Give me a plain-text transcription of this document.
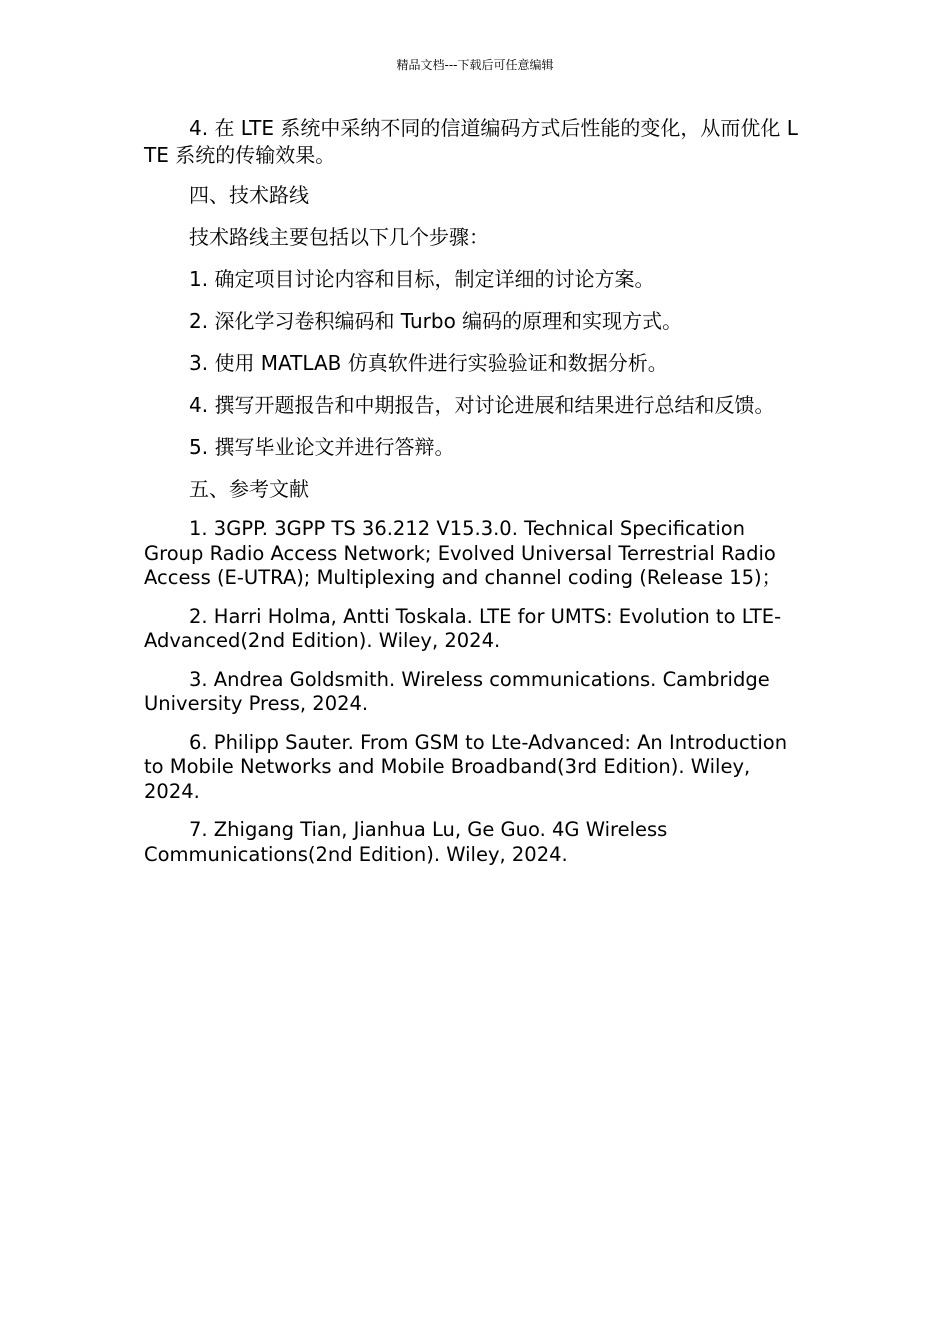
精品文档---下载后可任意编辑

4. 在 LTE 系统中采纳不同的信道编码方式后性能的变化，从而优化 LTE 系统的传输效果。

四、技术路线

技术路线主要包括以下几个步骤：

1. 确定项目讨论内容和目标，制定详细的讨论方案。

2. 深化学习卷积编码和 Turbo 编码的原理和实现方式。

3. 使用 MATLAB 仿真软件进行实验验证和数据分析。

4. 撰写开题报告和中期报告，对讨论进展和结果进行总结和反馈。

5. 撰写毕业论文并进行答辩。

五、参考文献

1. 3GPP. 3GPP TS 36.212 V15.3.0. Technical Specification Group Radio Access Network; Evolved Universal Terrestrial Radio Access (E-UTRA); Multiplexing and channel coding (Release 15)；

2. Harri Holma, Antti Toskala. LTE for UMTS: Evolution to LTE-Advanced(2nd Edition). Wiley, 2024.

3. Andrea Goldsmith. Wireless communications. Cambridge University Press, 2024.

6. Philipp Sauter. From GSM to Lte-Advanced: An Introduction to Mobile Networks and Mobile Broadband(3rd Edition). Wiley, 2024.

7. Zhigang Tian, Jianhua Lu, Ge Guo. 4G Wireless Communications(2nd Edition). Wiley, 2024.
